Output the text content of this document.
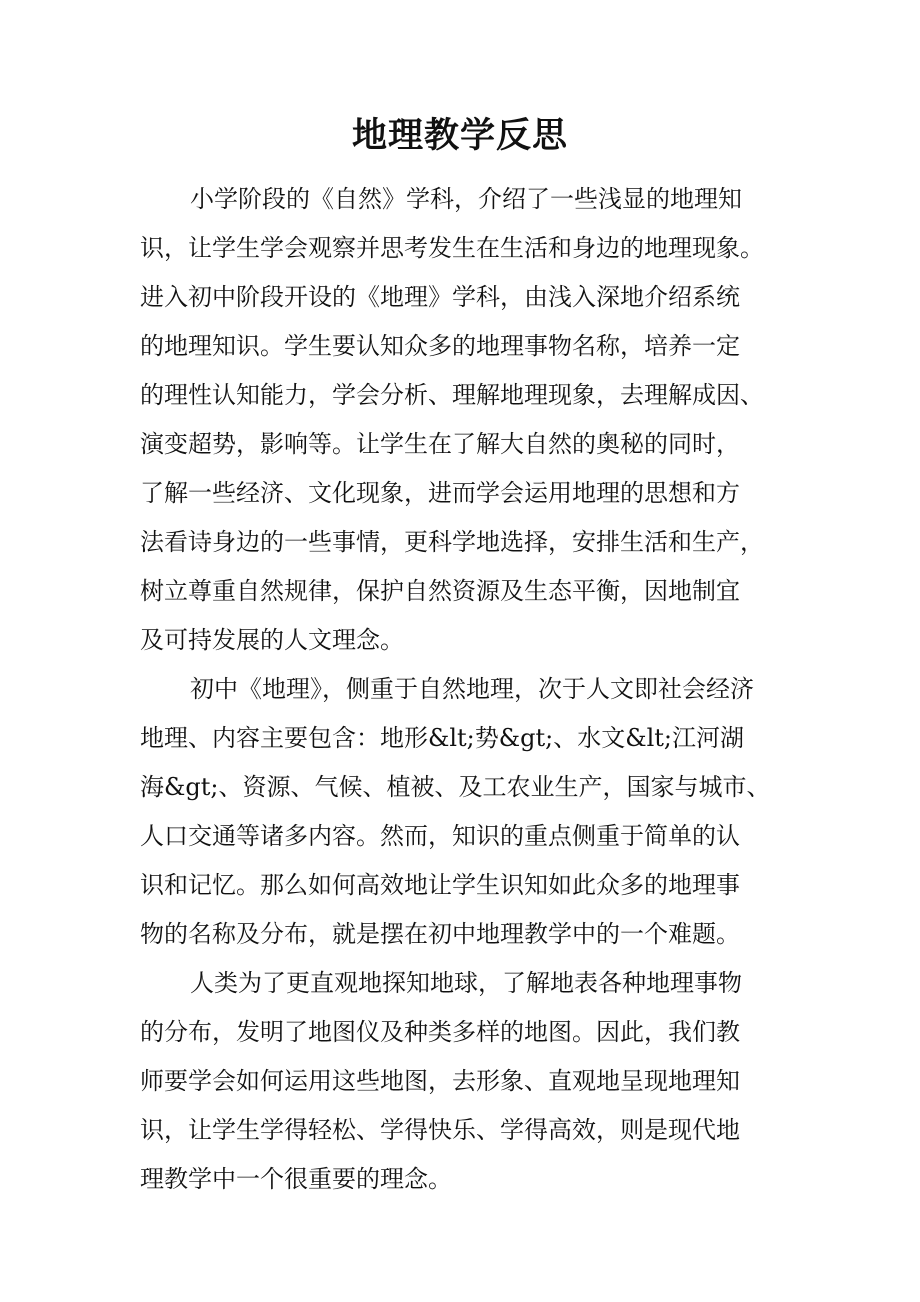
地理教学反思
小学阶段的《自然》学科，介绍了一些浅显的地理知
识，让学生学会观察并思考发生在生活和身边的地理现象。
进入初中阶段开设的《地理》学科，由浅入深地介绍系统
的地理知识。学生要认知众多的地理事物名称，培养一定
的理性认知能力，学会分析、理解地理现象，去理解成因、
演变超势，影响等。让学生在了解大自然的奥秘的同时，
了解一些经济、文化现象，进而学会运用地理的思想和方
法看诗身边的一些事情，更科学地选择，安排生活和生产，
树立尊重自然规律，保护自然资源及生态平衡，因地制宜
及可持发展的人文理念。
初中《地理》，侧重于自然地理，次于人文即社会经济
地理、内容主要包含：地形&lt;势&gt;、水文&lt;江河湖
海&gt;、资源、气候、植被、及工农业生产，国家与城市、
人口交通等诸多内容。然而，知识的重点侧重于简单的认
识和记忆。那么如何高效地让学生识知如此众多的地理事
物的名称及分布，就是摆在初中地理教学中的一个难题。
人类为了更直观地探知地球，了解地表各种地理事物
的分布，发明了地图仪及种类多样的地图。因此，我们教
师要学会如何运用这些地图，去形象、直观地呈现地理知
识，让学生学得轻松、学得快乐、学得高效，则是现代地
理教学中一个很重要的理念。
